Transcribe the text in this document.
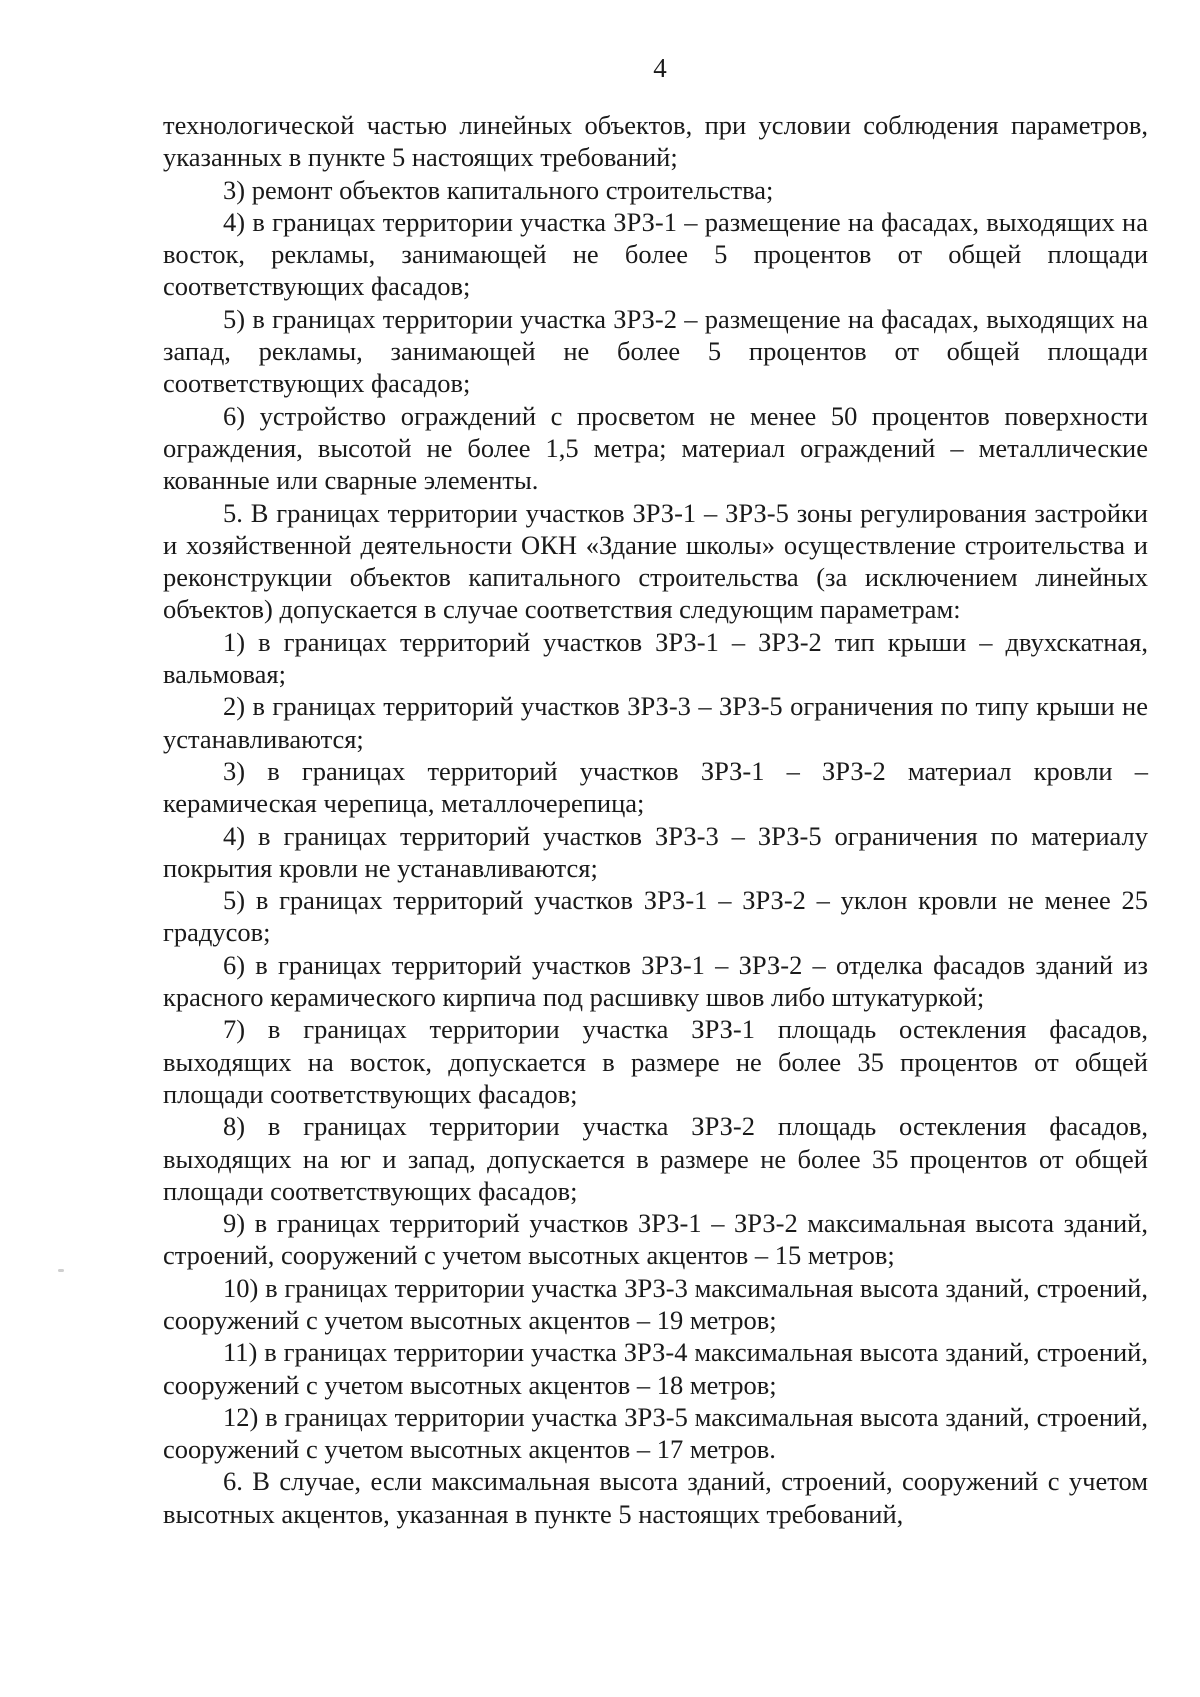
4

технологической частью линейных объектов, при условии соблюдения параметров, указанных в пункте 5 настоящих требований;

3) ремонт объектов капитального строительства;

4) в границах территории участка ЗРЗ-1 – размещение на фасадах, выходящих на восток, рекламы, занимающей не более 5 процентов от общей площади соответствующих фасадов;

5) в границах территории участка ЗРЗ-2 – размещение на фасадах, выходящих на запад, рекламы, занимающей не более 5 процентов от общей площади соответствующих фасадов;

6) устройство ограждений с просветом не менее 50 процентов поверхности ограждения, высотой не более 1,5 метра; материал ограждений – металлические кованные или сварные элементы.

5. В границах территории участков ЗРЗ-1 – ЗРЗ-5 зоны регулирования застройки и хозяйственной деятельности ОКН «Здание школы» осуществление строительства и реконструкции объектов капитального строительства (за исключением линейных объектов) допускается в случае соответствия следующим параметрам:

1) в границах территорий участков ЗРЗ-1 – ЗРЗ-2 тип крыши – двухскатная, вальмовая;

2) в границах территорий участков ЗРЗ-3 – ЗРЗ-5 ограничения по типу крыши не устанавливаются;

3) в границах территорий участков ЗРЗ-1 – ЗРЗ-2 материал кровли – керамическая черепица, металлочерепица;

4) в границах территорий участков ЗРЗ-3 – ЗРЗ-5 ограничения по материалу покрытия кровли не устанавливаются;

5) в границах территорий участков ЗРЗ-1 – ЗРЗ-2 – уклон кровли не менее 25 градусов;

6) в границах территорий участков ЗРЗ-1 – ЗРЗ-2 – отделка фасадов зданий из красного керамического кирпича под расшивку швов либо штукатуркой;

7) в границах территории участка ЗРЗ-1 площадь остекления фасадов, выходящих на восток, допускается в размере не более 35 процентов от общей площади соответствующих фасадов;

8) в границах территории участка ЗРЗ-2 площадь остекления фасадов, выходящих на юг и запад, допускается в размере не более 35 процентов от общей площади соответствующих фасадов;

9) в границах территорий участков ЗРЗ-1 – ЗРЗ-2 максимальная высота зданий, строений, сооружений с учетом высотных акцентов – 15 метров;

10) в границах территории участка ЗРЗ-3 максимальная высота зданий, строений, сооружений с учетом высотных акцентов – 19 метров;

11) в границах территории участка ЗРЗ-4 максимальная высота зданий, строений, сооружений с учетом высотных акцентов – 18 метров;

12) в границах территории участка ЗРЗ-5 максимальная высота зданий, строений, сооружений с учетом высотных акцентов – 17 метров.

6. В случае, если максимальная высота зданий, строений, сооружений с учетом высотных акцентов, указанная в пункте 5 настоящих требований,
